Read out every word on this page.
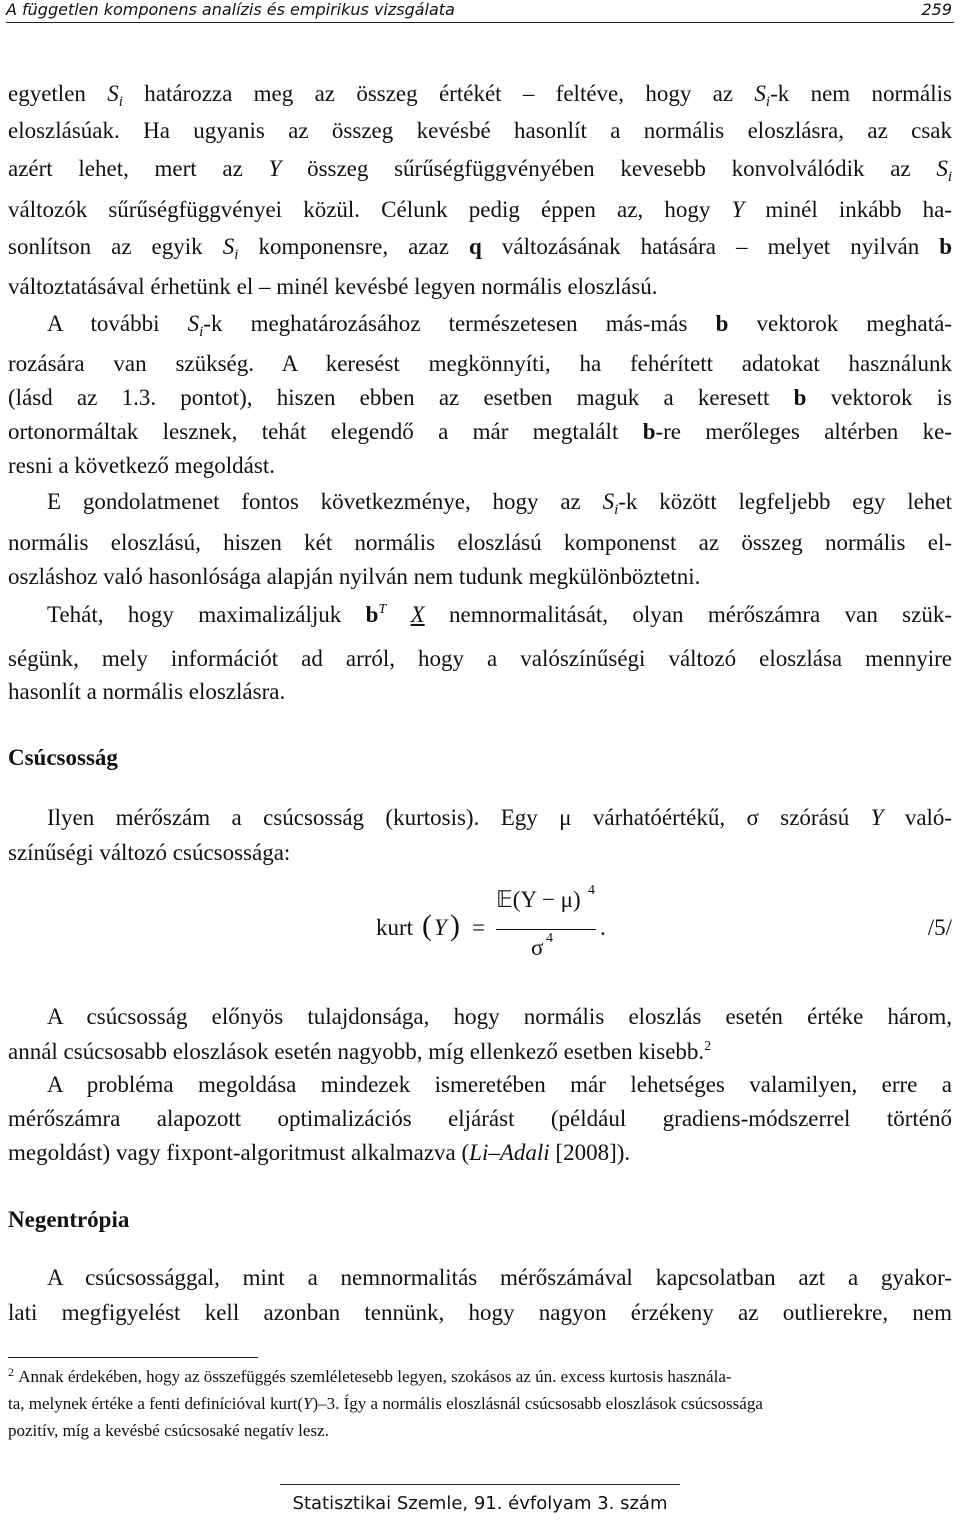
A független komponens analízis és empirikus vizsgálata	259
egyetlen $S_i$ határozza meg az összeg értékét – feltéve, hogy az $S_i-k$ nem normális
eloszlásúak. Ha ugyanis az összeg kevésbé hasonlít a normális eloszlásra, az csak
azért lehet, mert az Y összeg sűrűségfüggvényében kevesebb konvolválódik az $S_i$
változók sűrűségfüggvényei közül. Célunk pedig éppen az, hogy Y minél inkább ha-
sonlítson az egyik $S_i$ komponensre, azaz q változásának hatására – melyet nyilván b
változtatásával érhetünk el – minél kevésbé legyen normális eloszlású.
A további $S_i-k$ meghatározásához természetesen más-más b vektorok meghatá-
rozására van szükség. A keresést megkönnyíti, ha fehérített adatokat használunk
(lásd az 1.3. pontot), hiszen ebben az esetben maguk a keresett b vektorok is
ortonormáltak lesznek, tehát elegendő a már megtalált b-re merőleges altérben ke-
resni a következő megoldást.
E gondolatmenet fontos következménye, hogy az $S_i-k$ között legfeljebb egy lehet
normális eloszlású, hiszen két normális eloszlású komponenst az összeg normális el-
oszláshoz való hasonlósága alapján nyilván nem tudunk megkülönböztetni.
Tehát, hogy maximalizáljuk $b^T$ X nemnormalitását, olyan mérőszámra van szük-
ségünk, mely információt ad arról, hogy a valószínűségi változó eloszlása mennyire
hasonlít a normális eloszlásra.
Csúcsosság
Ilyen mérőszám a csúcsosság (kurtosis). Egy μ várhatóértékű, σ szórású Y való-
színűségi változó csúcsossága:
kurt ( Y ) =
𝔼(Y − μ) 4
σ 4 .	/5/
A csúcsosság előnyös tulajdonsága, hogy normális eloszlás esetén értéke három,
annál csúcsosabb eloszlások esetén nagyobb, míg ellenkező esetben kisebb.$^2$
A probléma megoldása mindezek ismeretében már lehetséges valamilyen, erre a
mérőszámra alapozott optimalizációs eljárást (például gradiens-módszerrel történő
megoldást) vagy fixpont-algoritmust alkalmazva (Li–Adali [2008]).
Negentrópia
A csúcsossággal, mint a nemnormalitás mérőszámával kapcsolatban azt a gyakor-
lati megfigyelést kell azonban tennünk, hogy nagyon érzékeny az outlierekre, nem
$^2$ Annak érdekében, hogy az összefüggés szemléletesebb legyen, szokásos az ún. excess kurtosis használa-
ta, melynek értéke a fenti definícióval kurt(Y)–3. Így a normális eloszlásnál csúcsosabb eloszlások csúcsossága
pozitív, míg a kevésbé csúcsosaké negatív lesz.
Statisztikai Szemle, 91. évfolyam 3. szám
